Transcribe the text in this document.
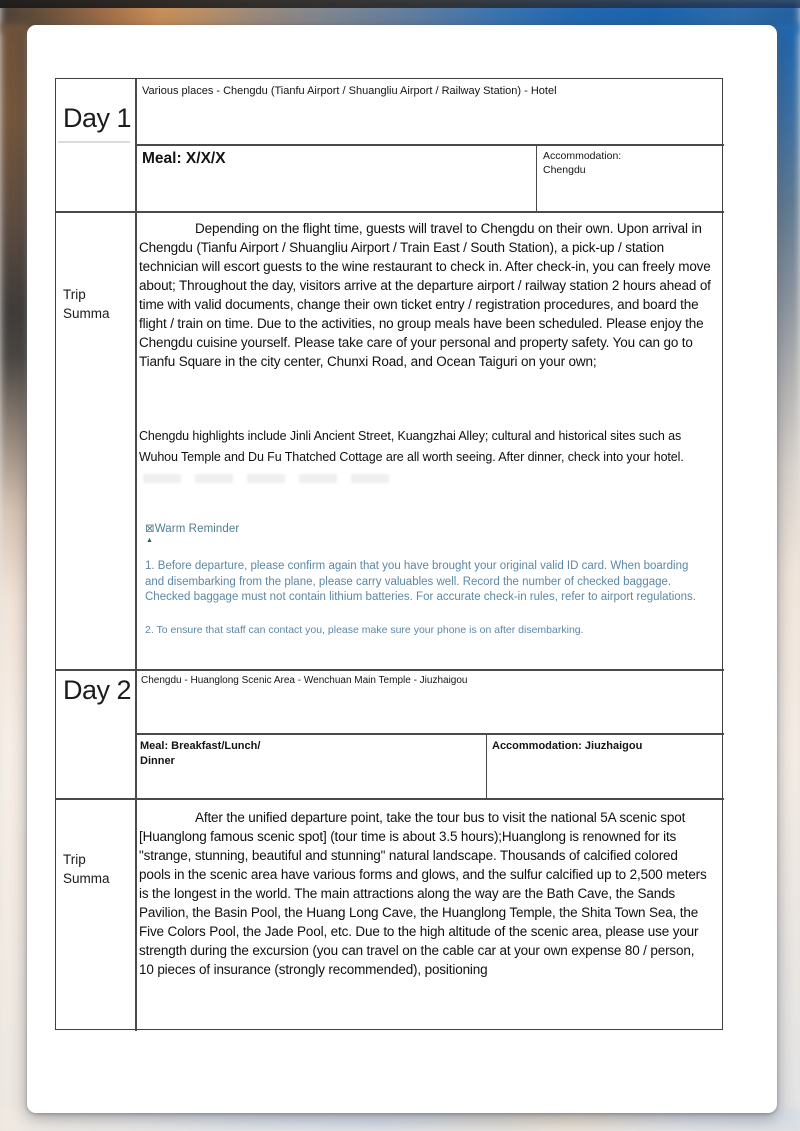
Day 1
Various places - Chengdu (Tianfu Airport / Shuangliu Airport / Railway Station) - Hotel
Meal: X/X/X	Accommodation:
Chengdu
Trip
Summa
Depending on the flight time, guests will travel to Chengdu on their own. Upon arrival in Chengdu (Tianfu Airport / Shuangliu Airport / Train East / South Station), a pick-up / station technician will escort guests to the wine restaurant to check in. After check-in, you can freely move about; Throughout the day, visitors arrive at the departure airport / railway station 2 hours ahead of time with valid documents, change their own ticket entry / registration procedures, and board the flight / train on time. Due to the activities, no group meals have been scheduled. Please enjoy the Chengdu cuisine yourself. Please take care of your personal and property safety. You can go to Tianfu Square in the city center, Chunxi Road, and Ocean Taiguri on your own;
Chengdu highlights include Jinli Ancient Street, Kuangzhai Alley; cultural and historical sites such as Wuhou Temple and Du Fu Thatched Cottage are all worth seeing. After dinner, check into your hotel.
⊠Warm Reminder
▲
1. Before departure, please confirm again that you have brought your original valid ID card. When boarding and disembarking from the plane, please carry valuables well. Record the number of checked baggage. Checked baggage must not contain lithium batteries. For accurate check-in rules, refer to airport regulations.
2. To ensure that staff can contact you, please make sure your phone is on after disembarking.
Day 2 Chengdu - Huanglong Scenic Area - Wenchuan Main Temple - Jiuzhaigou
Meal: Breakfast/Lunch/
Dinner
Accommodation: Jiuzhaigou
Trip
Summa
After the unified departure point, take the tour bus to visit the national 5A scenic spot [Huanglong famous scenic spot] (tour time is about 3.5 hours);Huanglong is renowned for its "strange, stunning, beautiful and stunning" natural landscape. Thousands of calcified colored pools in the scenic area have various forms and glows, and the sulfur calcified up to 2,500 meters is the longest in the world. The main attractions along the way are the Bath Cave, the Sands Pavilion, the Basin Pool, the Huang Long Cave, the Huanglong Temple, the Shita Town Sea, the Five Colors Pool, the Jade Pool, etc. Due to the high altitude of the scenic area, please use your strength during the excursion (you can travel on the cable car at your own expense 80 / person, 10 pieces of insurance (strongly recommended), positioning
